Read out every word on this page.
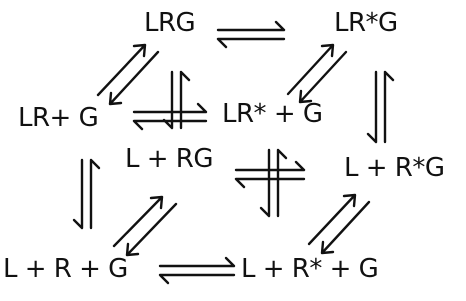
LRG	LR*G
LR+ G	LR* + G
L + RG	L + R*G
L + R + G	L + R* + G
